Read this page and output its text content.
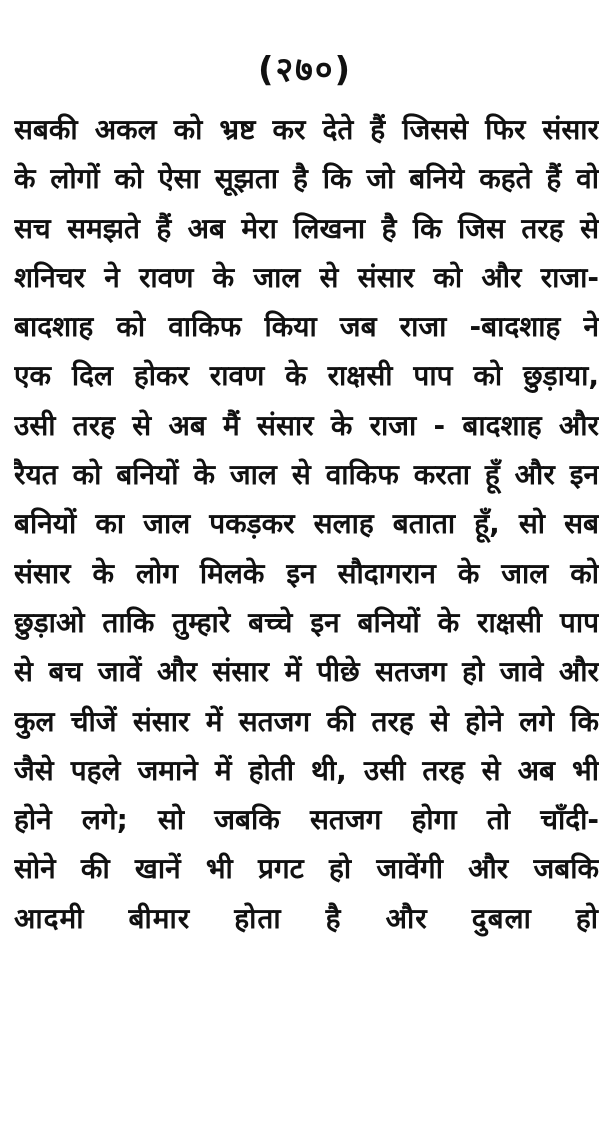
(२७०)
सबकी अकल को भ्रष्ट कर देते हैं जिससे फिर संसार
के लोगों को ऐसा सूझता है कि जो बनिये कहते हैं वो
सच समझते हैं अब मेरा लिखना है कि जिस तरह से
शनिचर ने रावण के जाल से संसार को और राजा-
बादशाह को वाकिफ किया जब राजा -बादशाह ने
एक दिल होकर रावण के राक्षसी पाप को छुड़ाया,
उसी तरह से अब मैं संसार के राजा - बादशाह और
रैयत को बनियों के जाल से वाकिफ करता हूँ और इन
बनियों का जाल पकड़कर सलाह बताता हूँ, सो सब
संसार के लोग मिलके इन सौदागरान के जाल को
छुड़ाओ ताकि तुम्हारे बच्चे इन बनियों के राक्षसी पाप
से बच जावें और संसार में पीछे सतजग हो जावे और
कुल चीजें संसार में सतजग की तरह से होने लगे कि
जैसे पहले जमाने में होती थी, उसी तरह से अब भी
होने लगे; सो जबकि सतजग होगा तो चाँदी-
सोने की खानें भी प्रगट हो जावेंगी और जबकि
आदमी बीमार होता है और दुबला हो
